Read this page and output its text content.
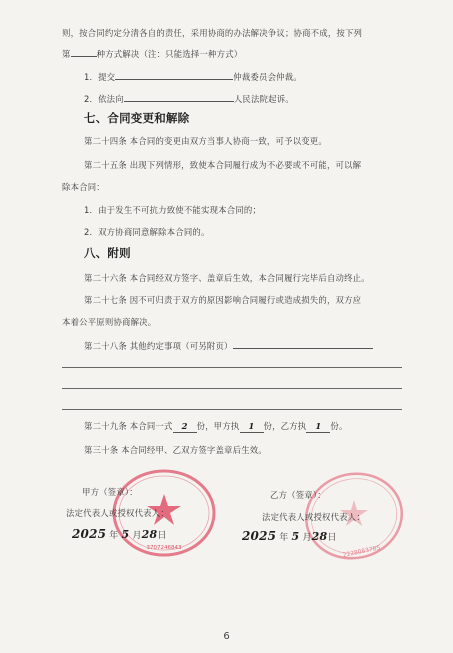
则，按合同约定分清各自的责任，采用协商的办法解决争议；协商不成，按下列
第	种方式解决（注：只能选择一种方式）
1．提交	仲裁委员会仲裁。
2．依法向	人民法院起诉。
七、合同变更和解除
第二十四条 本合同的变更由双方当事人协商一致，可予以变更。
第二十五条 出现下列情形，致使本合同履行成为不必要或不可能，可以解
除本合同：
1．由于发生不可抗力致使不能实现本合同的；
2．双方协商同意解除本合同的。
八、附则
第二十六条 本合同经双方签字、盖章后生效，本合同履行完毕后自动终止。
第二十七条 因不可归责于双方的原因影响合同履行或造成损失的，双方应
本着公平原则协商解决。
第二十八条 其他约定事项（可另附页）
第二十九条 本合同一式 2 份，甲方执 1 份，乙方执 1 份。
第三十条 本合同经甲、乙双方签字盖章后生效。
3707246843	2228083785
甲方（签章）：
法定代表人或授权代表人：
乙方（签章）：
法定代表人或授权代表人：
2025 年 5 月28日	2025 年 5 月28日
6
